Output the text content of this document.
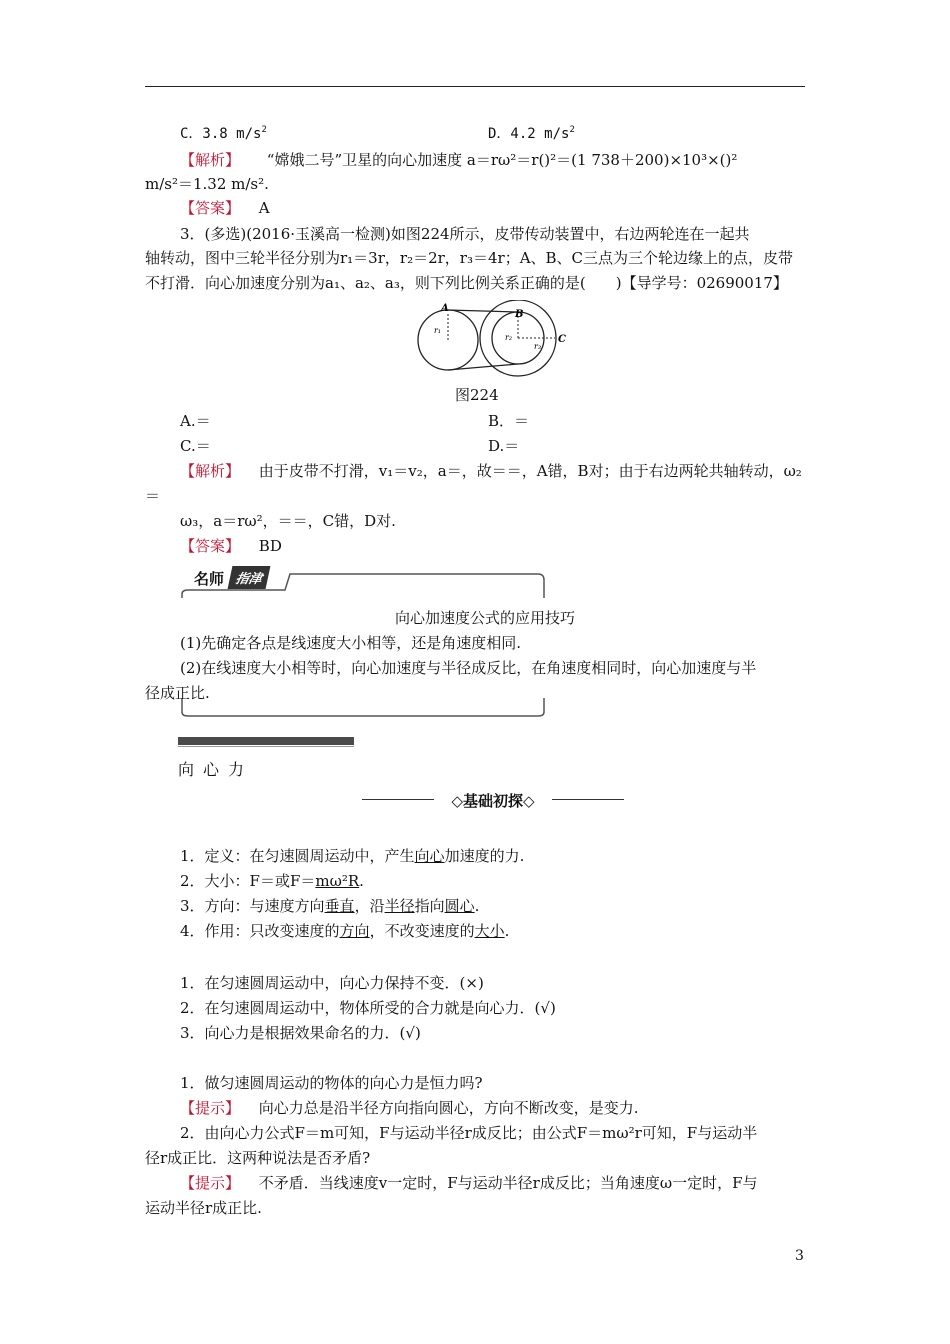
C．3.8 $m/s^2$	D．4.2 $m/s^2$
【解析】 “嫦娥二号”卫星的向心加速度 a＝rω²＝r()²＝(1 738＋200)×10³×()²
m/s²＝1.32 m/s².
【答案】 A
3．(多选)(2016·玉溪高一检测)如图224所示，皮带传动装置中，右边两轮连在一起共
轴转动，图中三轮半径分别为r₁＝3r，r₂＝2r，r₃＝4r；A、B、C三点为三个轮边缘上的点，皮带
不打滑．向心加速度分别为a₁、a₂、a₃，则下列比例关系正确的是(　　)【导学号：02690017】
A
B
C
r₁
r₂
r₃
图224
A.＝	B．＝
C.＝	D.＝
【解析】 由于皮带不打滑，v₁＝v₂，a＝，故＝＝，A错，B对；由于右边两轮共轴转动，ω₂
＝
ω₃，a＝rω²，＝＝，C错，D对.
【答案】 BD
名师 指津
向心加速度公式的应用技巧
(1)先确定各点是线速度大小相等，还是角速度相同.
(2)在线速度大小相等时，向心加速度与半径成反比，在角速度相同时，向心加速度与半
径成正比.
向心力
◇基础初探◇
1．定义：在匀速圆周运动中，产生向心加速度的力.
2．大小：F＝或F＝mω²R.
3．方向：与速度方向垂直，沿半径指向圆心.
4．作用：只改变速度的方向，不改变速度的大小.
1．在匀速圆周运动中，向心力保持不变．(×)
2．在匀速圆周运动中，物体所受的合力就是向心力．(√)
3．向心力是根据效果命名的力．(√)
1．做匀速圆周运动的物体的向心力是恒力吗?
【提示】 向心力总是沿半径方向指向圆心，方向不断改变，是变力.
2．由向心力公式F＝m可知，F与运动半径r成反比；由公式F＝mω²r可知，F与运动半
径r成正比．这两种说法是否矛盾?
【提示】 不矛盾．当线速度v一定时，F与运动半径r成反比；当角速度ω一定时，F与
运动半径r成正比.
3
